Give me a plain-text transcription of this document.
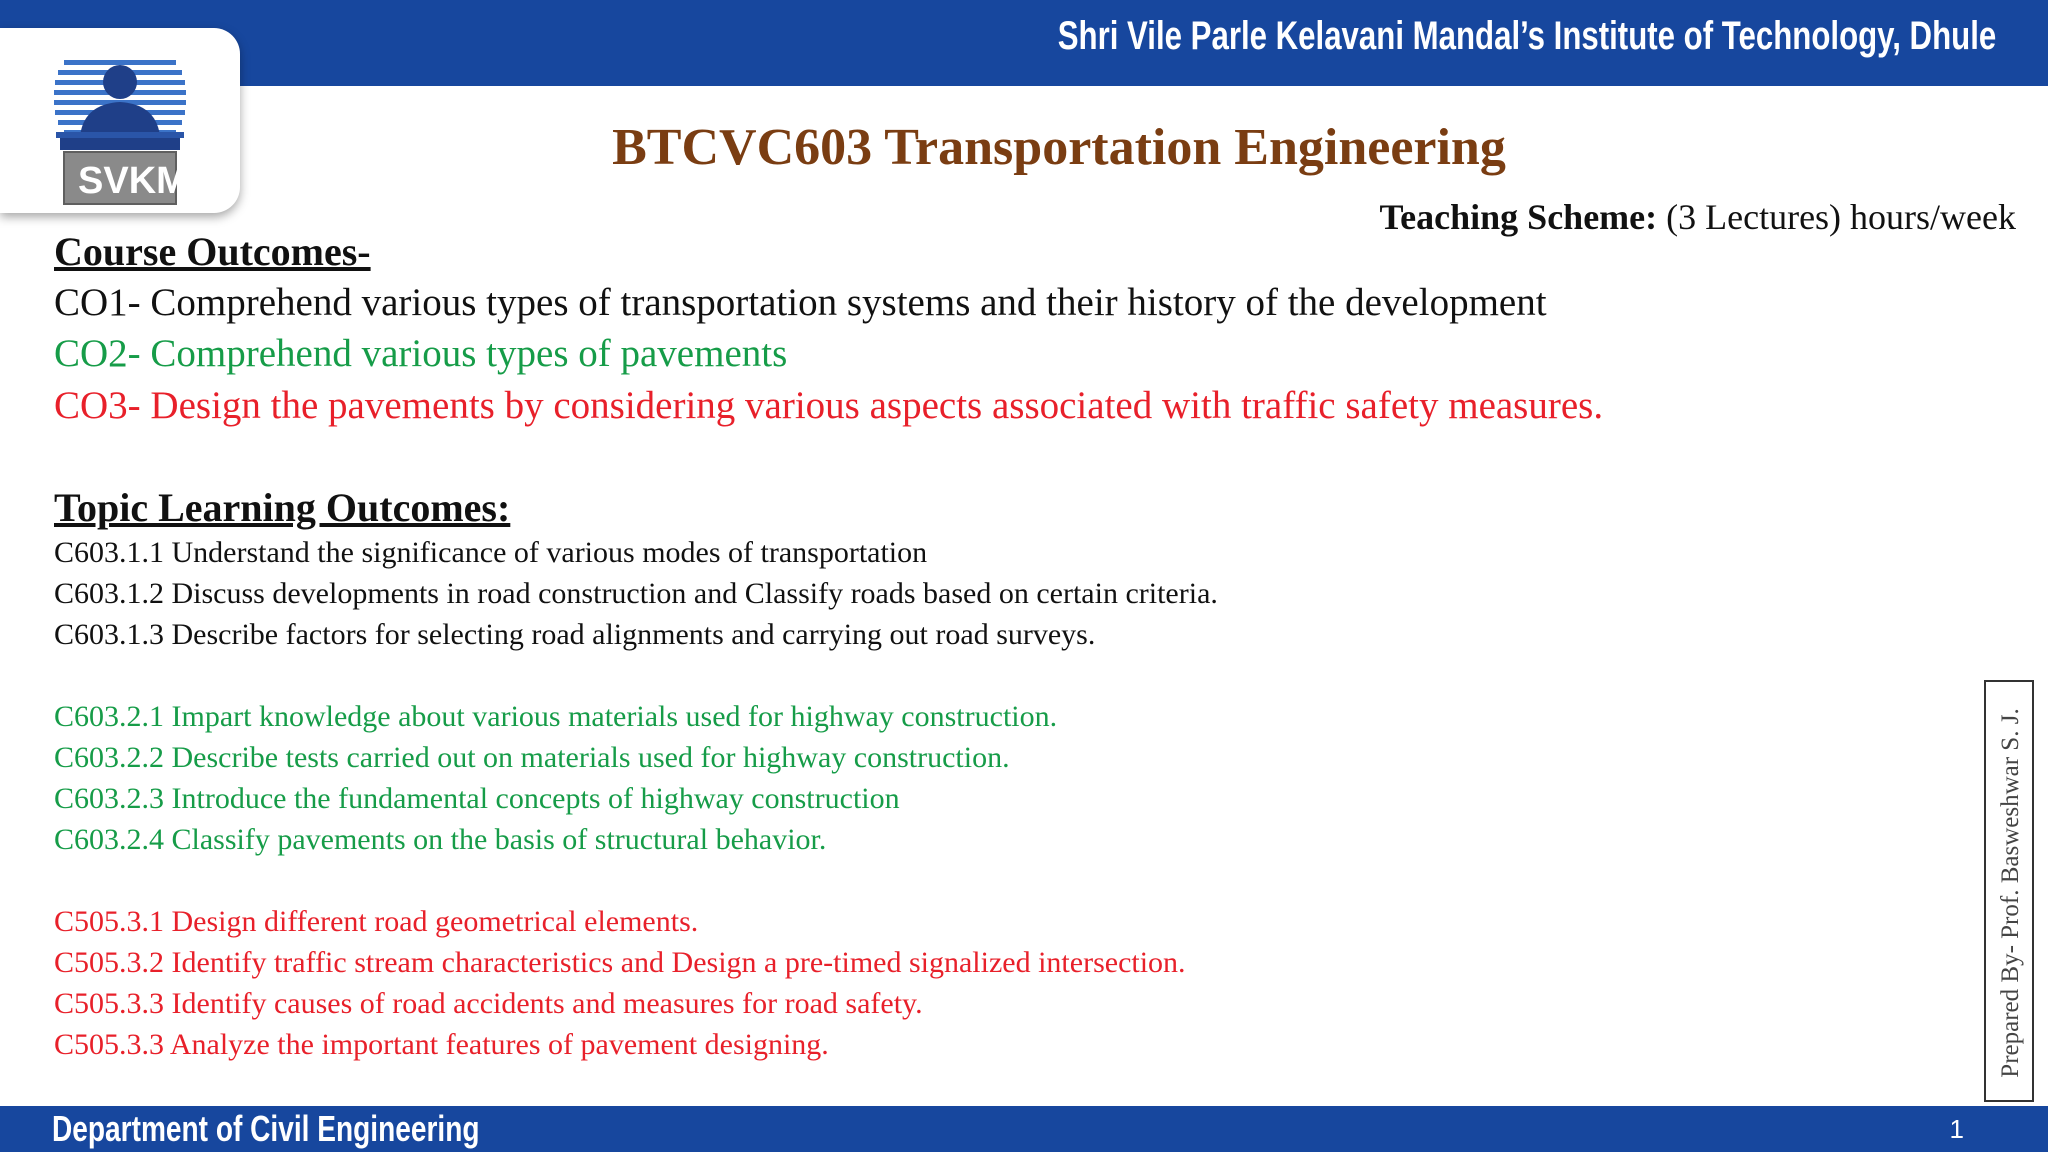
Shri Vile Parle Kelavani Mandal’s Institute of Technology, Dhule
SVKM
BTCVC603 Transportation Engineering
Teaching Scheme: (3 Lectures) hours/week
Course Outcomes-
CO1- Comprehend various types of transportation systems and their history of the development
CO2- Comprehend various types of pavements
CO3- Design the pavements by considering various aspects associated with traffic safety measures.
Topic Learning Outcomes:
C603.1.1 Understand the significance of various modes of transportation
C603.1.2 Discuss developments in road construction and Classify roads based on certain criteria.
C603.1.3 Describe factors for selecting road alignments and carrying out road surveys.
C603.2.1 Impart knowledge about various materials used for highway construction.
C603.2.2 Describe tests carried out on materials used for highway construction.
C603.2.3 Introduce the fundamental concepts of highway construction
C603.2.4 Classify pavements on the basis of structural behavior.
C505.3.1 Design different road geometrical elements.
C505.3.2 Identify traffic stream characteristics and Design a pre-timed signalized intersection.
C505.3.3 Identify causes of road accidents and measures for road safety.
C505.3.3 Analyze the important features of pavement designing.	Prepared By- Prof. Basweshwar S. J.
Department of Civil Engineering	1
